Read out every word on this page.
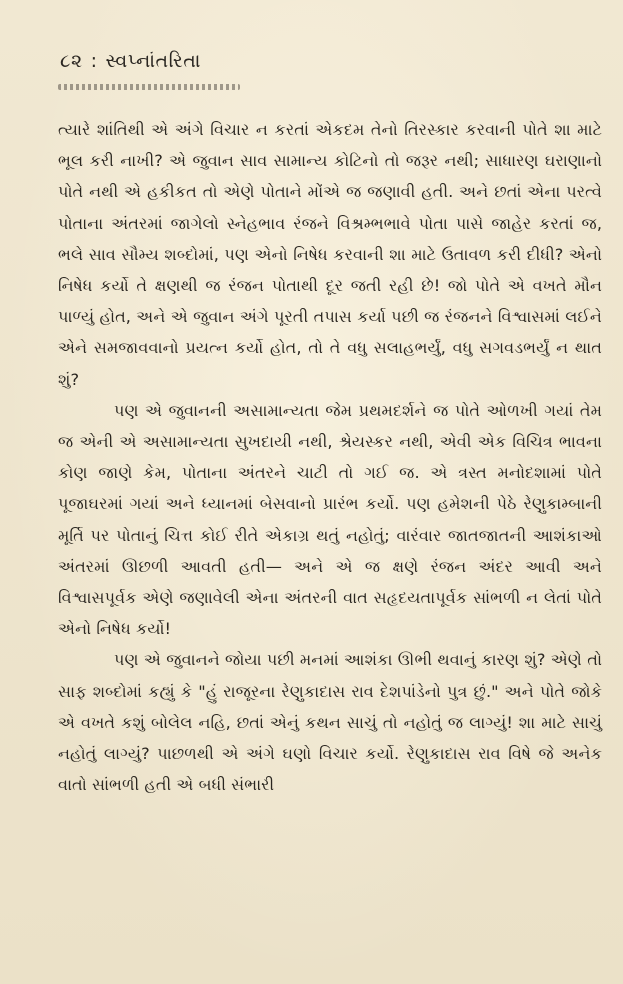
૮૨ : સ્વપ્નાંતરિતા

ત્યારે શાંતિથી એ અંગે વિચાર ન કરતાં એકદમ તેનો તિરસ્કાર કરવાની પોતે શા માટે ભૂલ કરી નાખી? એ જુવાન સાવ સામાન્ય કોટિનો તો જરૂર નથી; સાધારણ ઘરાણાનો પોતે નથી એ હકીકત તો એણે પોતાને મોંએ જ જણાવી હતી. અને છતાં એના પરત્વે પોતાના અંતરમાં જાગેલો સ્નેહભાવ રંજને વિશ્રમ્ભભાવે પોતા પાસે જાહેર કરતાં જ, ભલે સાવ સૌમ્ય શબ્દોમાં, પણ એનો નિષેધ કરવાની શા માટે ઉતાવળ કરી દીધી? એનો નિષેધ કર્યો તે ક્ષણથી જ રંજન પોતાથી દૂર જતી રહી છે! જો પોતે એ વખતે મૌન પાળ્યું હોત, અને એ જુવાન અંગે પૂરતી તપાસ કર્યા પછી જ રંજનને વિશ્વાસમાં લઈને એને સમજાવવાનો પ્રયત્ન કર્યો હોત, તો તે વધુ સલાહભર્યું, વધુ સગવડભર્યું ન થાત શું?

પણ એ જુવાનની અસામાન્યતા જેમ પ્રથમદર્શને જ પોતે ઓળખી ગયાં તેમ જ એની એ અસામાન્યતા સુખદાયી નથી, શ્રેયસ્કર નથી, એવી એક વિચિત્ર ભાવના કોણ જાણે કેમ, પોતાના અંતરને ચાટી તો ગઈ જ. એ ત્રસ્ત મનોદશામાં પોતે પૂજાઘરમાં ગયાં અને ધ્યાનમાં બેસવાનો પ્રારંભ કર્યો. પણ હમેશની પેઠે રેણુકામ્બાની મૂર્તિ પર પોતાનું ચિત્ત કોઈ રીતે એકાગ્ર થતું નહોતું; વારંવાર જાતજાતની આશંકાઓ અંતરમાં ઊછળી આવતી હતી— અને એ જ ક્ષણે રંજન અંદર આવી અને વિશ્વાસપૂર્વક એણે જણાવેલી એના અંતરની વાત સહૃદયતાપૂર્વક સાંભળી ન લેતાં પોતે એનો નિષેધ કર્યો!

પણ એ જુવાનને જોયા પછી મનમાં આશંકા ઊભી થવાનું કારણ શું? એણે તો સાફ શબ્દોમાં કહ્યું કે "હું રાજૂરના રેણુકાદાસ રાવ દેશપાંડેનો પુત્ર છું." અને પોતે જોકે એ વખતે કશું બોલેલ નહિ, છતાં એનું કથન સાચું તો નહોતું જ લાગ્યું! શા માટે સાચું નહોતું લાગ્યું? પાછળથી એ અંગે ઘણો વિચાર કર્યો. રેણુકાદાસ રાવ વિષે જે અનેક વાતો સાંભળી હતી એ બધી સંભારી
